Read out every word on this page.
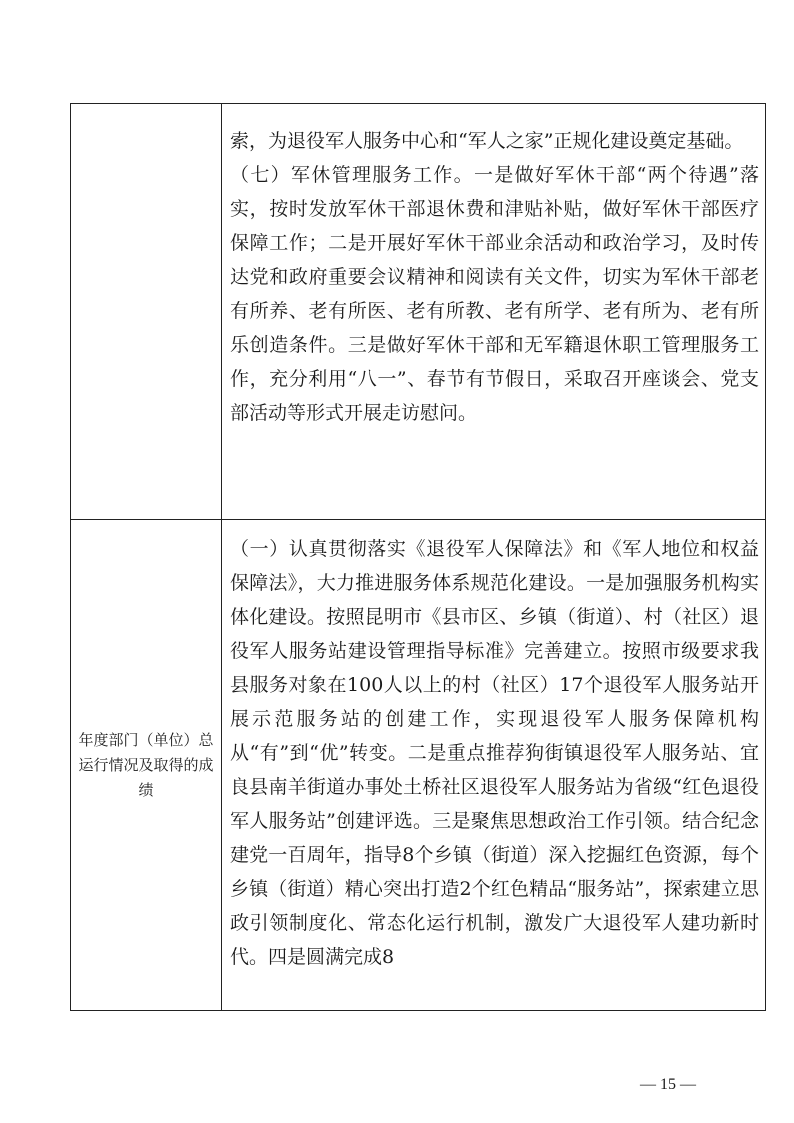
	索，为退役军人服务中心和“军人之家”正规化建设奠定基础。

（七）军休管理服务工作。一是做好军休干部“两个待遇”落实，按时发放军休干部退休费和津贴补贴，做好军休干部医疗保障工作；二是开展好军休干部业余活动和政治学习，及时传达党和政府重要会议精神和阅读有关文件，切实为军休干部老有所养、老有所医、老有所教、老有所学、老有所为、老有所乐创造条件。三是做好军休干部和无军籍退休职工管理服务工作，充分利用“八一”、春节有节假日，采取召开座谈会、党支部活动等形式开展走访慰问。

年度部门（单位）总运行情况及取得的成绩	（一）认真贯彻落实《退役军人保障法》和《军人地位和权益保障法》，大力推进服务体系规范化建设。一是加强服务机构实体化建设。按照昆明市《县市区、乡镇（街道）、村（社区）退役军人服务站建设管理指导标准》完善建立。按照市级要求我县服务对象在100人以上的村（社区）17个退役军人服务站开展示范服务站的创建工作，实现退役军人服务保障机构从“有”到“优”转变。二是重点推荐狗街镇退役军人服务站、宜良县南羊街道办事处土桥社区退役军人服务站为省级“红色退役军人服务站”创建评选。三是聚焦思想政治工作引领。结合纪念建党一百周年，指导8个乡镇（街道）深入挖掘红色资源，每个乡镇（街道）精心突出打造2个红色精品“服务站”，探索建立思政引领制度化、常态化运行机制，激发广大退役军人建功新时代。四是圆满完成8

— 15 —
